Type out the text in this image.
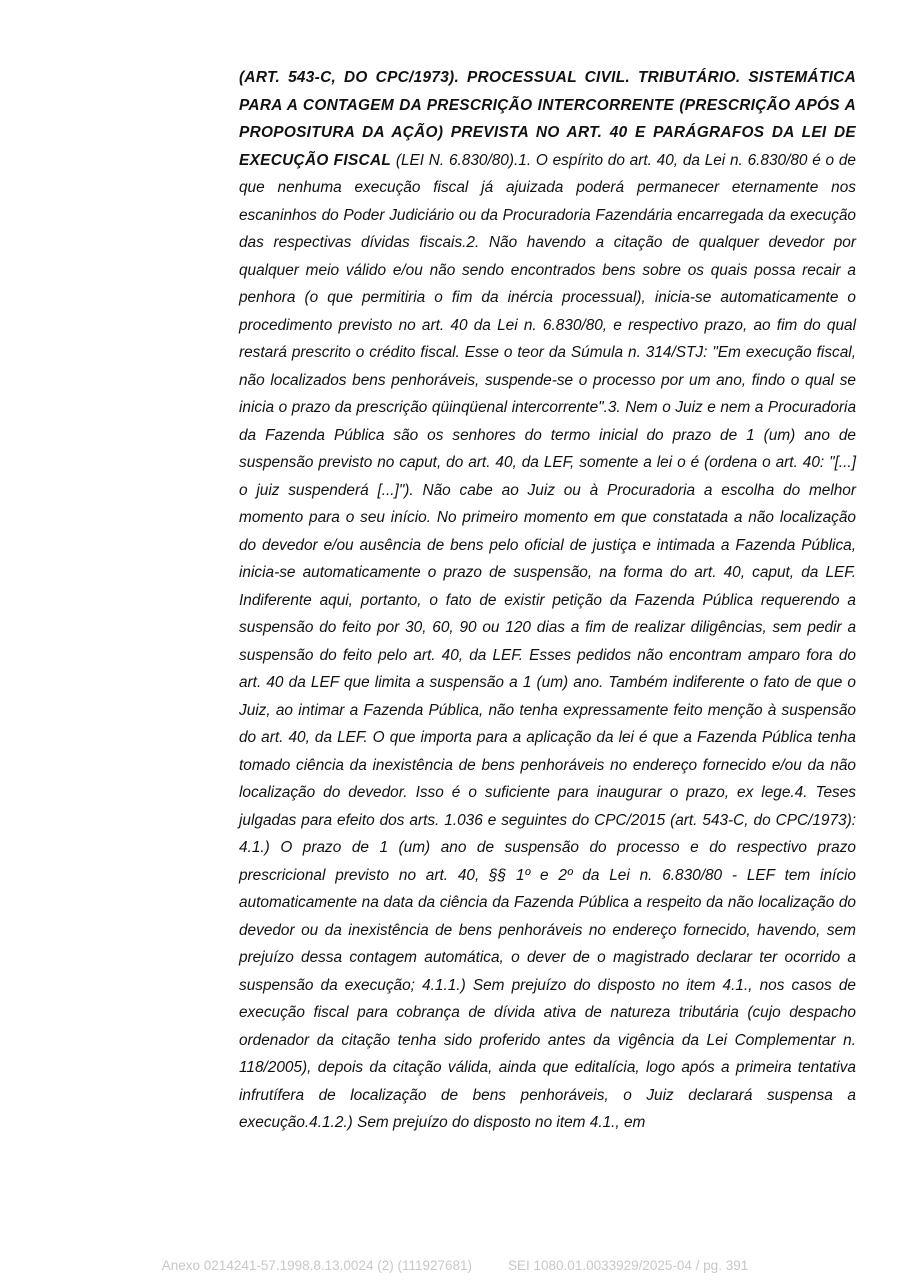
(ART. 543-C, DO CPC/1973). PROCESSUAL CIVIL. TRIBUTÁRIO. SISTEMÁTICA PARA A CONTAGEM DA PRESCRIÇÃO INTERCORRENTE (PRESCRIÇÃO APÓS A PROPOSITURA DA AÇÃO) PREVISTA NO ART. 40 E PARÁGRAFOS DA LEI DE EXECUÇÃO FISCAL (LEI N. 6.830/80).1. O espírito do art. 40, da Lei n. 6.830/80 é o de que nenhuma execução fiscal já ajuizada poderá permanecer eternamente nos escaninhos do Poder Judiciário ou da Procuradoria Fazendária encarregada da execução das respectivas dívidas fiscais.2. Não havendo a citação de qualquer devedor por qualquer meio válido e/ou não sendo encontrados bens sobre os quais possa recair a penhora (o que permitiria o fim da inércia processual), inicia-se automaticamente o procedimento previsto no art. 40 da Lei n. 6.830/80, e respectivo prazo, ao fim do qual restará prescrito o crédito fiscal. Esse o teor da Súmula n. 314/STJ: "Em execução fiscal, não localizados bens penhoráveis, suspende-se o processo por um ano, findo o qual se inicia o prazo da prescrição qüinqüenal intercorrente".3. Nem o Juiz e nem a Procuradoria da Fazenda Pública são os senhores do termo inicial do prazo de 1 (um) ano de suspensão previsto no caput, do art. 40, da LEF, somente a lei o é (ordena o art. 40: "[...] o juiz suspenderá [...]"). Não cabe ao Juiz ou à Procuradoria a escolha do melhor momento para o seu início. No primeiro momento em que constatada a não localização do devedor e/ou ausência de bens pelo oficial de justiça e intimada a Fazenda Pública, inicia-se automaticamente o prazo de suspensão, na forma do art. 40, caput, da LEF. Indiferente aqui, portanto, o fato de existir petição da Fazenda Pública requerendo a suspensão do feito por 30, 60, 90 ou 120 dias a fim de realizar diligências, sem pedir a suspensão do feito pelo art. 40, da LEF. Esses pedidos não encontram amparo fora do art. 40 da LEF que limita a suspensão a 1 (um) ano. Também indiferente o fato de que o Juiz, ao intimar a Fazenda Pública, não tenha expressamente feito menção à suspensão do art. 40, da LEF. O que importa para a aplicação da lei é que a Fazenda Pública tenha tomado ciência da inexistência de bens penhoráveis no endereço fornecido e/ou da não localização do devedor. Isso é o suficiente para inaugurar o prazo, ex lege.4. Teses julgadas para efeito dos arts. 1.036 e seguintes do CPC/2015 (art. 543-C, do CPC/1973): 4.1.) O prazo de 1 (um) ano de suspensão do processo e do respectivo prazo prescricional previsto no art. 40, §§ 1º e 2º da Lei n. 6.830/80 - LEF tem início automaticamente na data da ciência da Fazenda Pública a respeito da não localização do devedor ou da inexistência de bens penhoráveis no endereço fornecido, havendo, sem prejuízo dessa contagem automática, o dever de o magistrado declarar ter ocorrido a suspensão da execução; 4.1.1.) Sem prejuízo do disposto no item 4.1., nos casos de execução fiscal para cobrança de dívida ativa de natureza tributária (cujo despacho ordenador da citação tenha sido proferido antes da vigência da Lei Complementar n. 118/2005), depois da citação válida, ainda que editalícia, logo após a primeira tentativa infrutífera de localização de bens penhoráveis, o Juiz declarará suspensa a execução.4.1.2.) Sem prejuízo do disposto no item 4.1., em
Anexo 0214241-57.1998.8.13.0024 (2) (111927681)	SEI 1080.01.0033929/2025-04 / pg. 391
